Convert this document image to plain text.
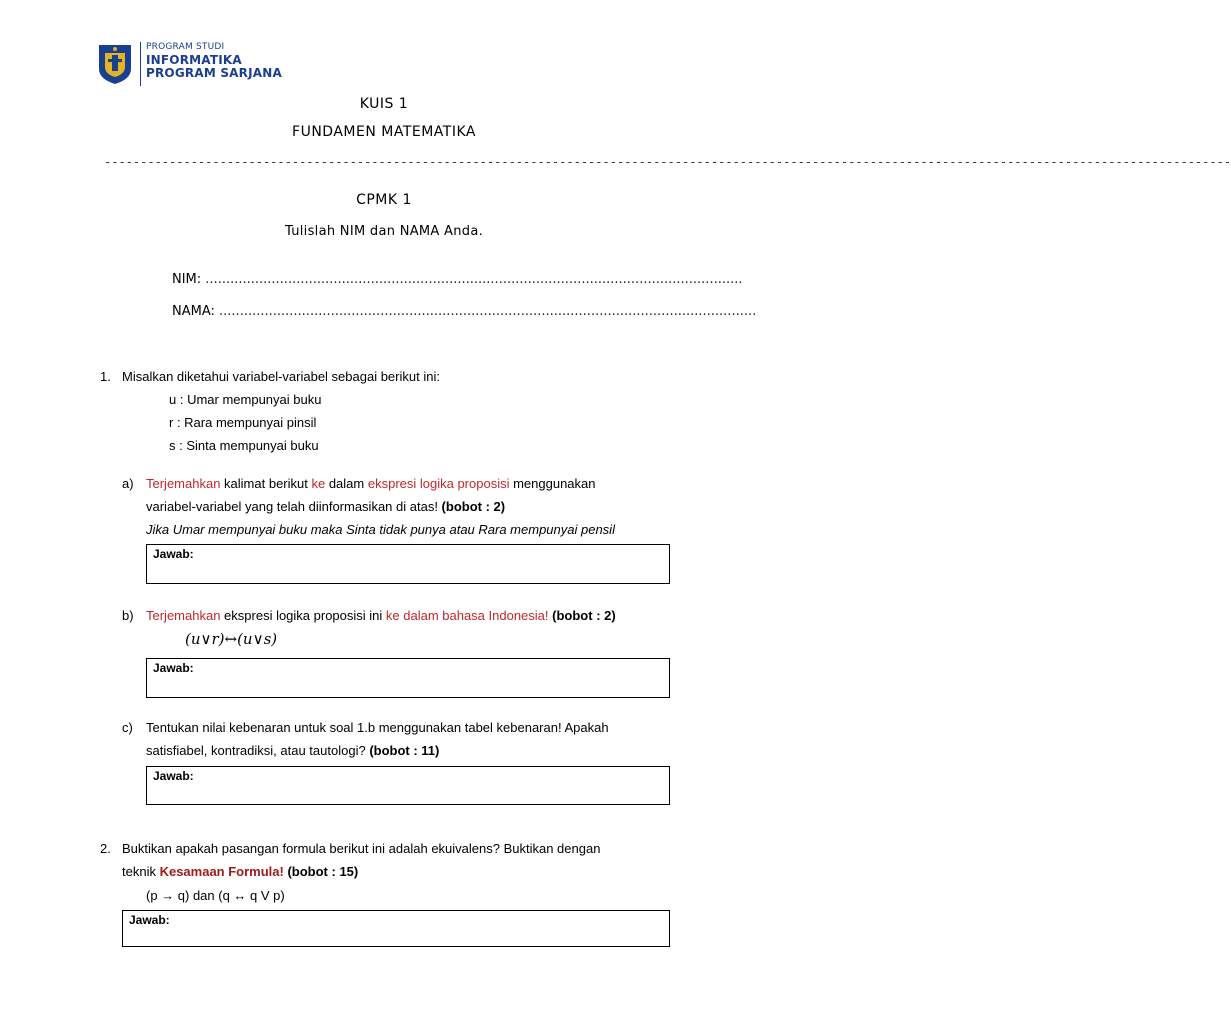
PROGRAM STUDI
INFORMATIKA
PROGRAM SARJANA
KUIS 1
FUNDAMEN MATEMATIKA
------------------------------------------------------------------------------------------------------------------------------------------------------------
CPMK 1
Tulislah NIM dan NAMA Anda.
NIM: ..................................................................................................................................
NAMA: ..................................................................................................................................
1. Misalkan diketahui variabel-variabel sebagai berikut ini:
u : Umar mempunyai buku
r : Rara mempunyai pinsil
s : Sinta mempunyai buku
a) Terjemahkan kalimat berikut ke dalam ekspresi logika proposisi menggunakan
variabel-variabel yang telah diinformasikan di atas! (bobot : 2)
Jika Umar mempunyai buku maka Sinta tidak punya atau Rara mempunyai pensil
Jawab:
b) Terjemahkan ekspresi logika proposisi ini ke dalam bahasa Indonesia! (bobot : 2)
(u∨r)↔(u∨s)
Jawab:
c) Tentukan nilai kebenaran untuk soal 1.b menggunakan tabel kebenaran! Apakah
satisfiabel, kontradiksi, atau tautologi? (bobot : 11)
Jawab:
2. Buktikan apakah pasangan formula berikut ini adalah ekuivalens? Buktikan dengan
teknik Kesamaan Formula! (bobot : 15)
(p → q) dan (q ↔ q V p)
Jawab:
